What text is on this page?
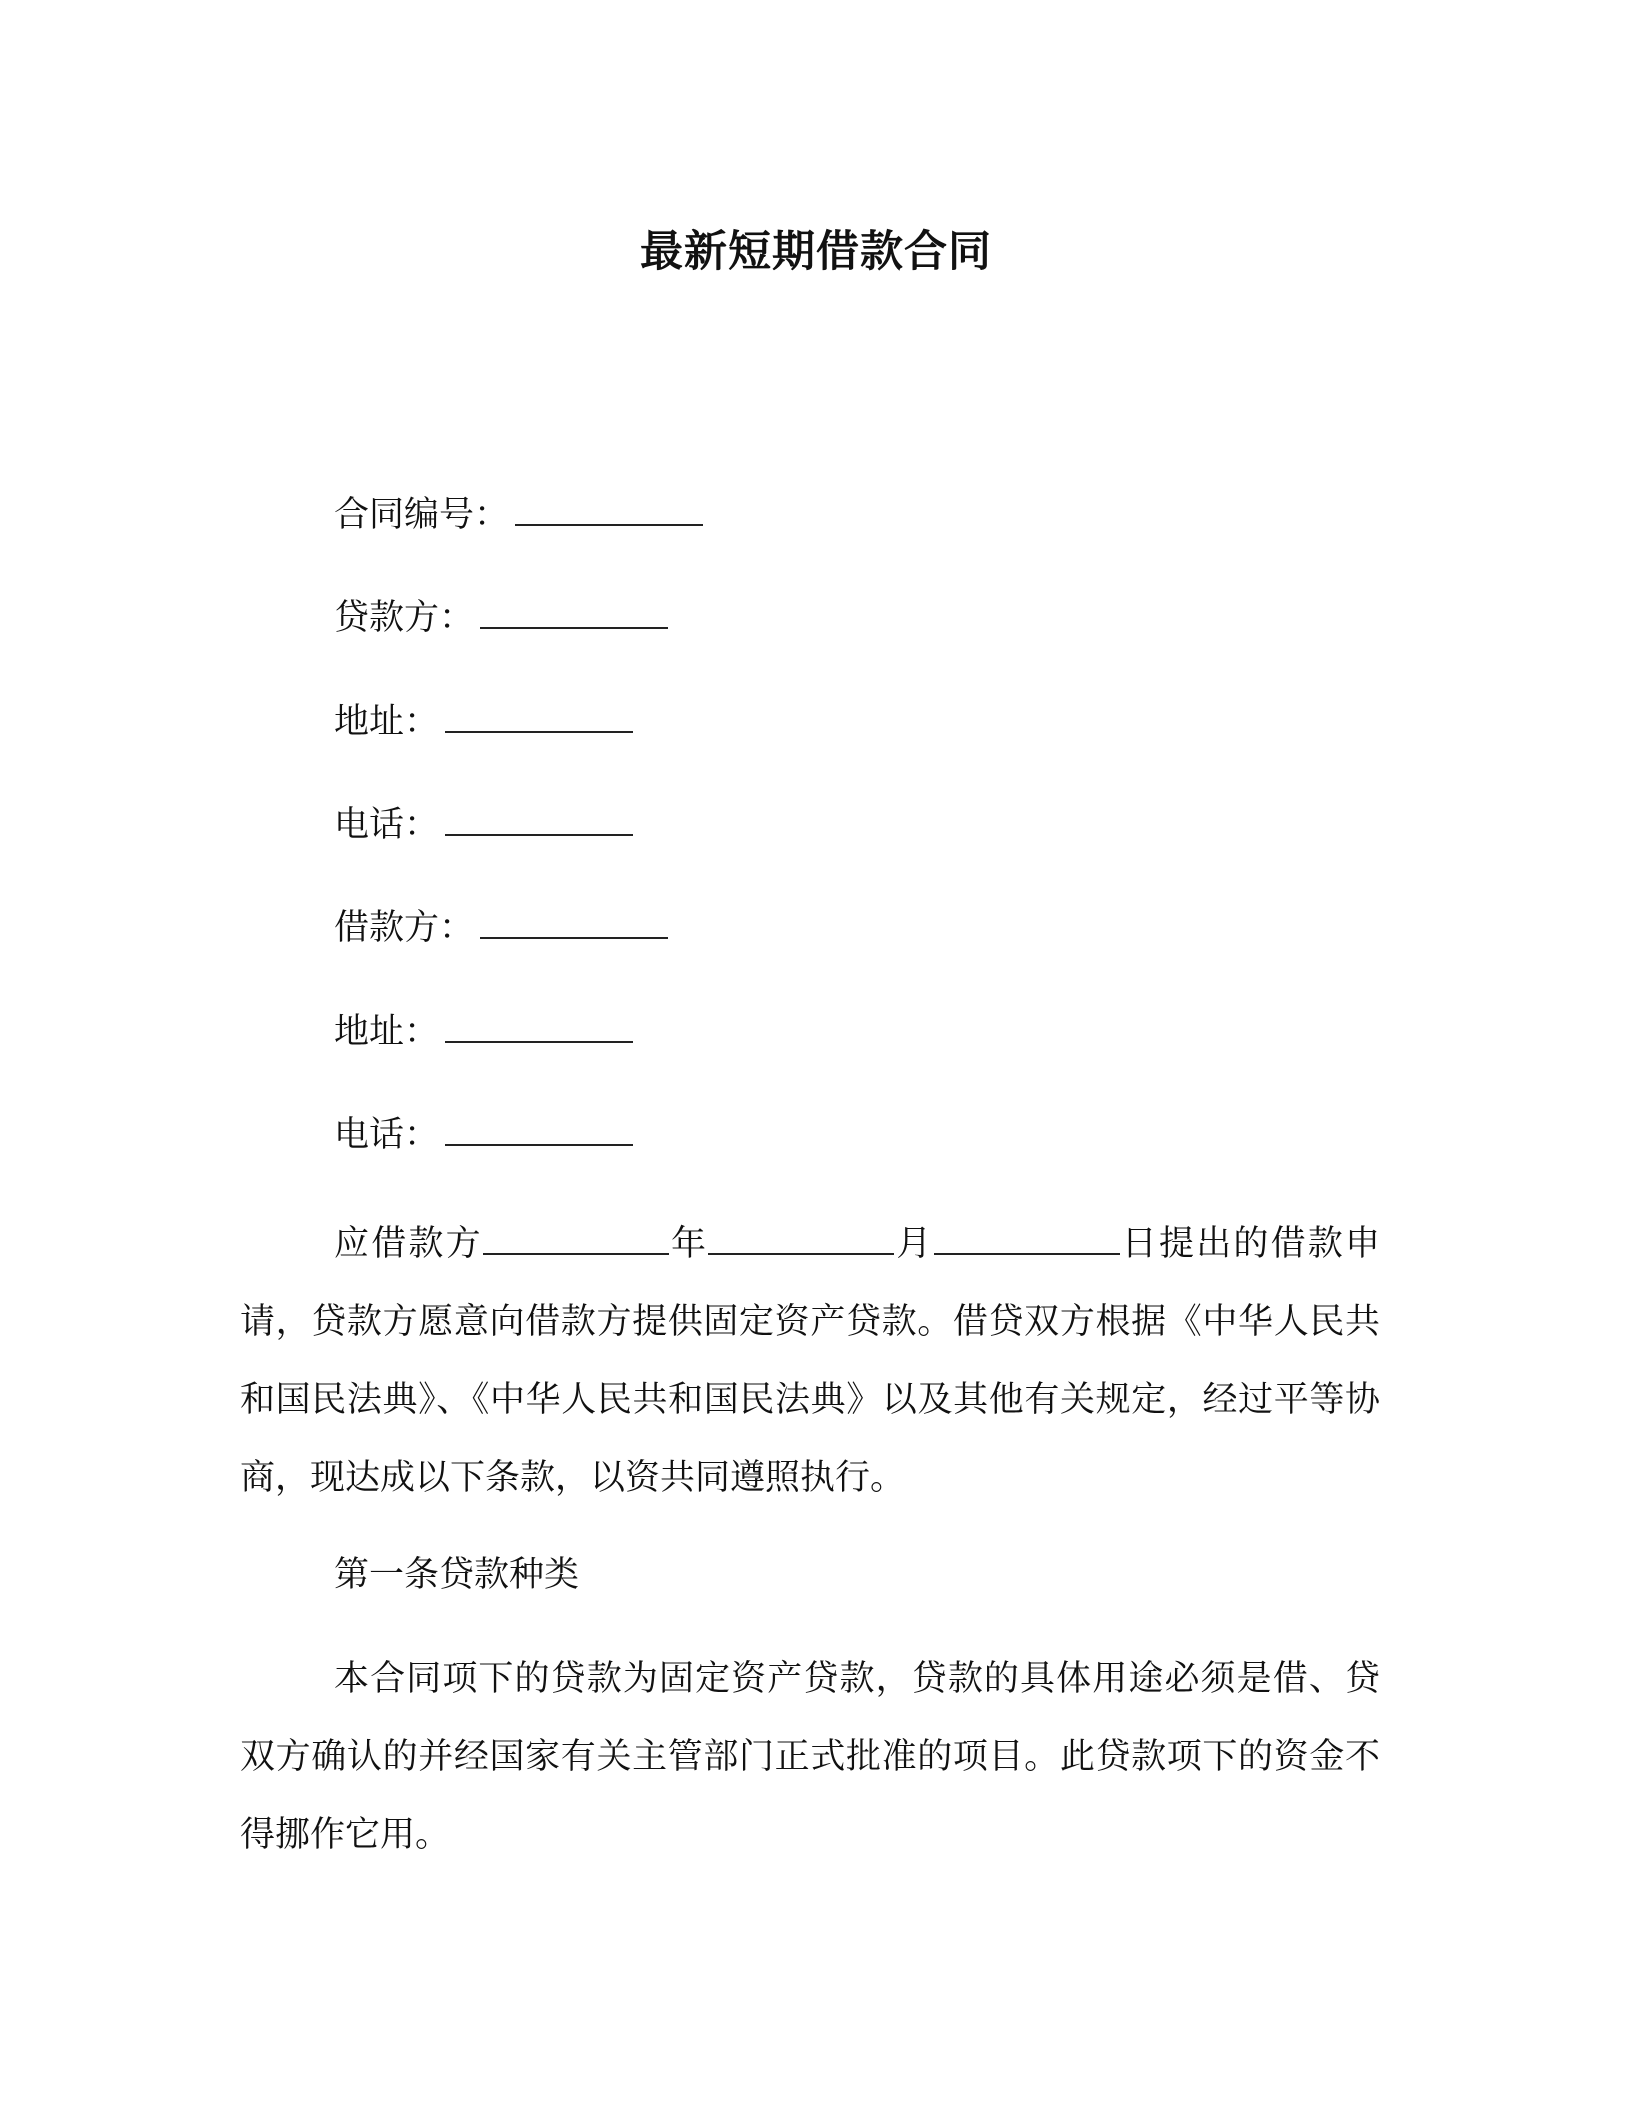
最新短期借款合同
合同编号：
贷款方：
地址：
电话：
借款方：
地址：
电话：

应借款方	年	月	日提出的借款申请，贷款方愿意向借款方提供固定资产贷款。借贷双方根据《中华人民共和国民法典》、《中华人民共和国民法典》以及其他有关规定，经过平等协商，现达成以下条款，以资共同遵照执行。

第一条贷款种类

本合同项下的贷款为固定资产贷款，贷款的具体用途必须是借、贷双方确认的并经国家有关主管部门正式批准的项目。此贷款项下的资金不得挪作它用。
